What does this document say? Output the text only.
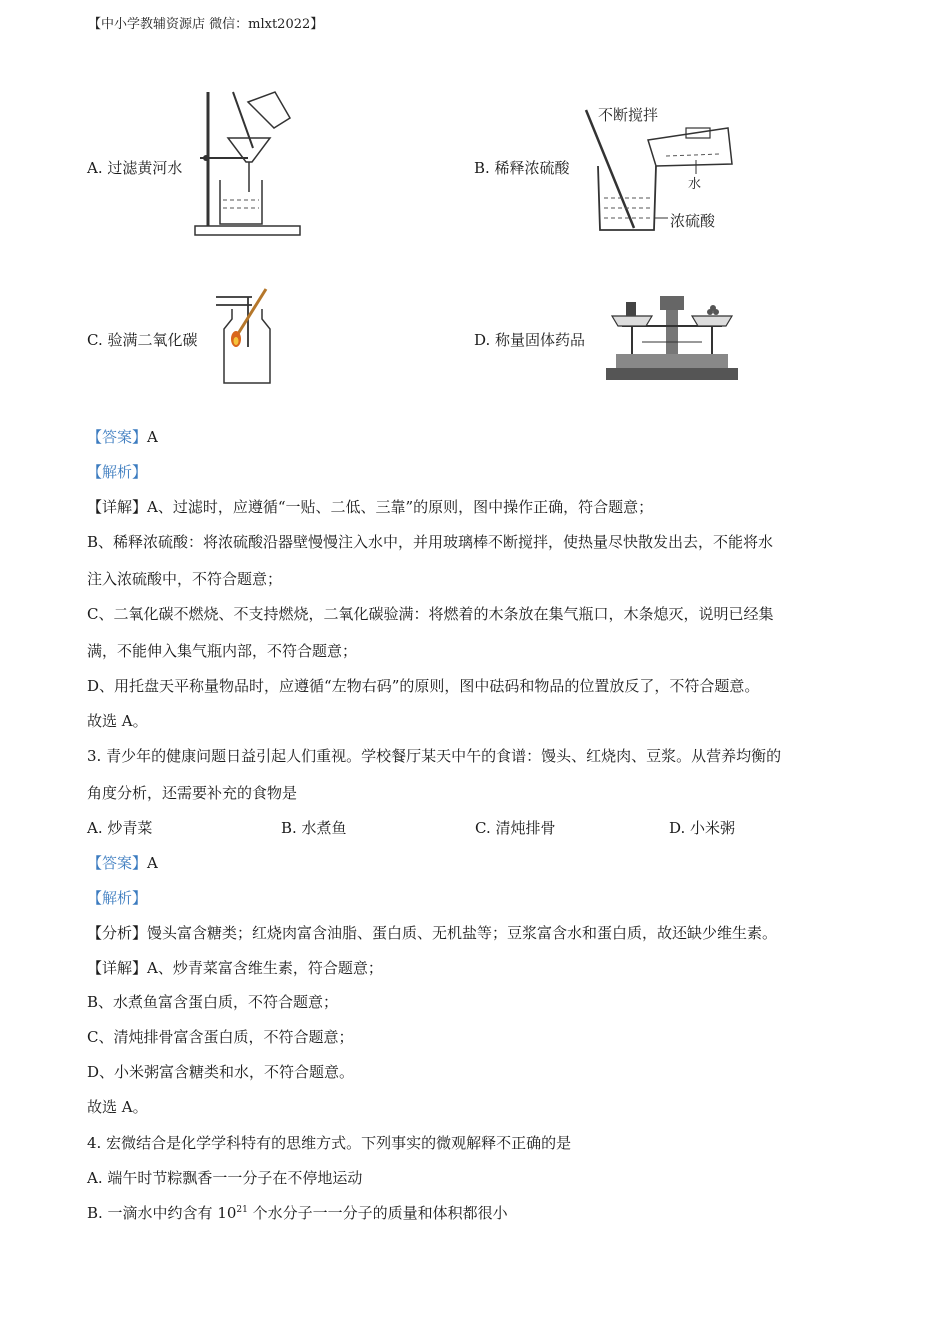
【中小学教辅资源店 微信：mlxt2022】
A. 过滤黄河水	B. 稀释浓硫酸
不断搅拌
水
浓硫酸
C. 验满二氧化碳	D. 称量固体药品
【答案】A
【解析】
【详解】A、过滤时，应遵循“一贴、二低、三靠”的原则，图中操作正确，符合题意；
B、稀释浓硫酸：将浓硫酸沿器壁慢慢注入水中，并用玻璃棒不断搅拌，使热量尽快散发出去，不能将水
注入浓硫酸中，不符合题意；
C、二氧化碳不燃烧、不支持燃烧，二氧化碳验满：将燃着的木条放在集气瓶口，木条熄灭，说明已经集
满，不能伸入集气瓶内部，不符合题意；
D、用托盘天平称量物品时，应遵循“左物右码”的原则，图中砝码和物品的位置放反了，不符合题意。
故选 A。
3. 青少年的健康问题日益引起人们重视。学校餐厅某天中午的食谱：馒头、红烧肉、豆浆。从营养均衡的
角度分析，还需要补充的食物是
A. 炒青菜	B. 水煮鱼	C. 清炖排骨	D. 小米粥
【答案】A
【解析】
【分析】馒头富含糖类；红烧肉富含油脂、蛋白质、无机盐等；豆浆富含水和蛋白质，故还缺少维生素。
【详解】A、炒青菜富含维生素，符合题意；
B、水煮鱼富含蛋白质，不符合题意；
C、清炖排骨富含蛋白质，不符合题意；
D、小米粥富含糖类和水，不符合题意。
故选 A。
4. 宏微结合是化学学科特有的思维方式。下列事实的微观解释不正确的是
A. 端午时节粽飘香一一分子在不停地运动
B. 一滴水中约含有 $10^{21}$ 个水分子一一分子的质量和体积都很小
